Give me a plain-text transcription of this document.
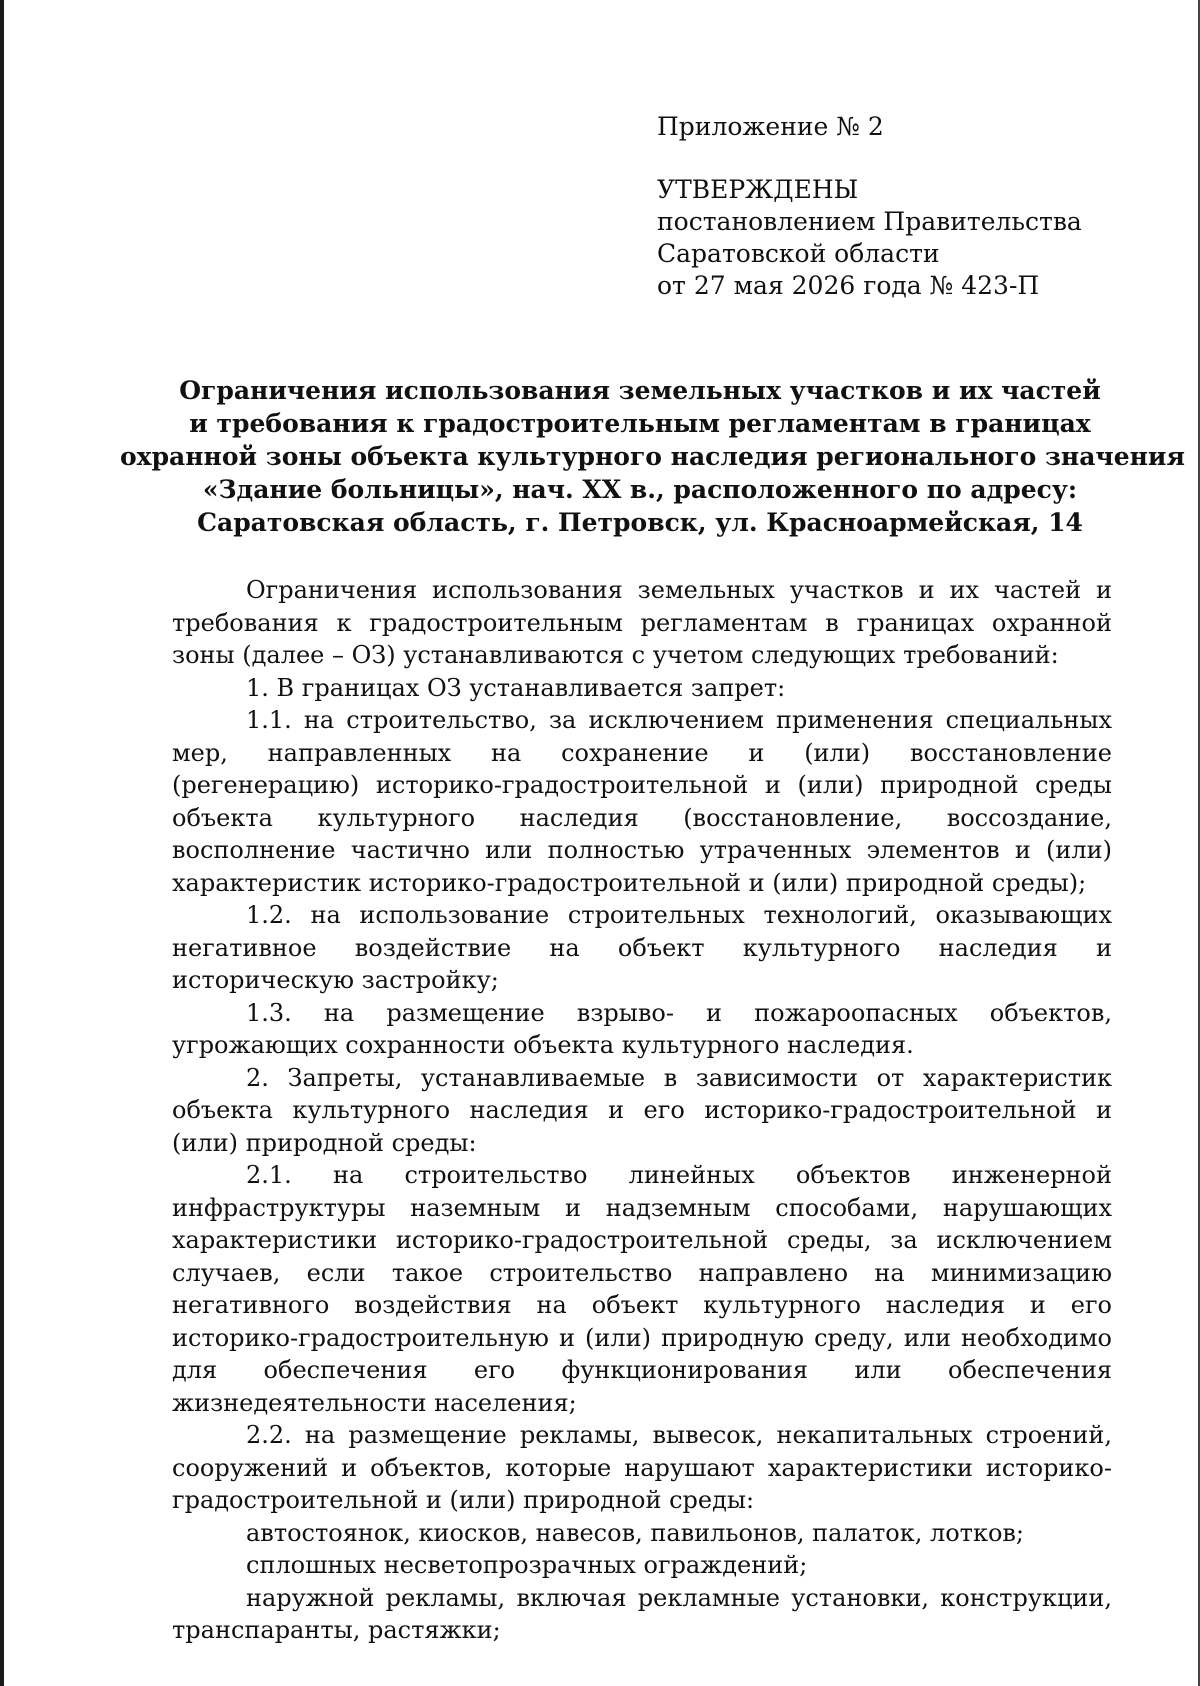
Приложение № 2

УТВЕРЖДЕНЫ

постановлением Правительства

Саратовской области

от 27 мая 2026 года № 423-П

Ограничения использования земельных участков и их частей
и требования к градостроительным регламентам в границах
охранной зоны объекта культурного наследия регионального значения
«Здание больницы», нач. XX в., расположенного по адресу:
Саратовская область, г. Петровск, ул. Красноармейская, 14

Ограничения использования земельных участков и их частей и требования к градостроительным регламентам в границах охранной зоны (далее – ОЗ) устанавливаются с учетом следующих требований:

1. В границах ОЗ устанавливается запрет:

1.1. на строительство, за исключением применения специальных мер, направленных на сохранение и (или) восстановление (регенерацию) историко-градостроительной и (или) природной среды объекта культурного наследия (восстановление, воссоздание, восполнение частично или полностью утраченных элементов и (или) характеристик историко-градостроительной и (или) природной среды);

1.2. на использование строительных технологий, оказывающих негативное воздействие на объект культурного наследия и историческую застройку;

1.3. на размещение взрыво- и пожароопасных объектов, угрожающих сохранности объекта культурного наследия.

2. Запреты, устанавливаемые в зависимости от характеристик объекта культурного наследия и его историко-градостроительной и (или) природной среды:

2.1. на строительство линейных объектов инженерной инфраструктуры наземным и надземным способами, нарушающих характеристики историко-градостроительной среды, за исключением случаев, если такое строительство направлено на минимизацию негативного воздействия на объект культурного наследия и его историко-градостроительную и (или) природную среду, или необходимо для обеспечения его функционирования или обеспечения жизнедеятельности населения;

2.2. на размещение рекламы, вывесок, некапитальных строений, сооружений и объектов, которые нарушают характеристики историко-градостроительной и (или) природной среды:

автостоянок, киосков, навесов, павильонов, палаток, лотков;

сплошных несветопрозрачных ограждений;

наружной рекламы, включая рекламные установки, конструкции, транспаранты, растяжки;
